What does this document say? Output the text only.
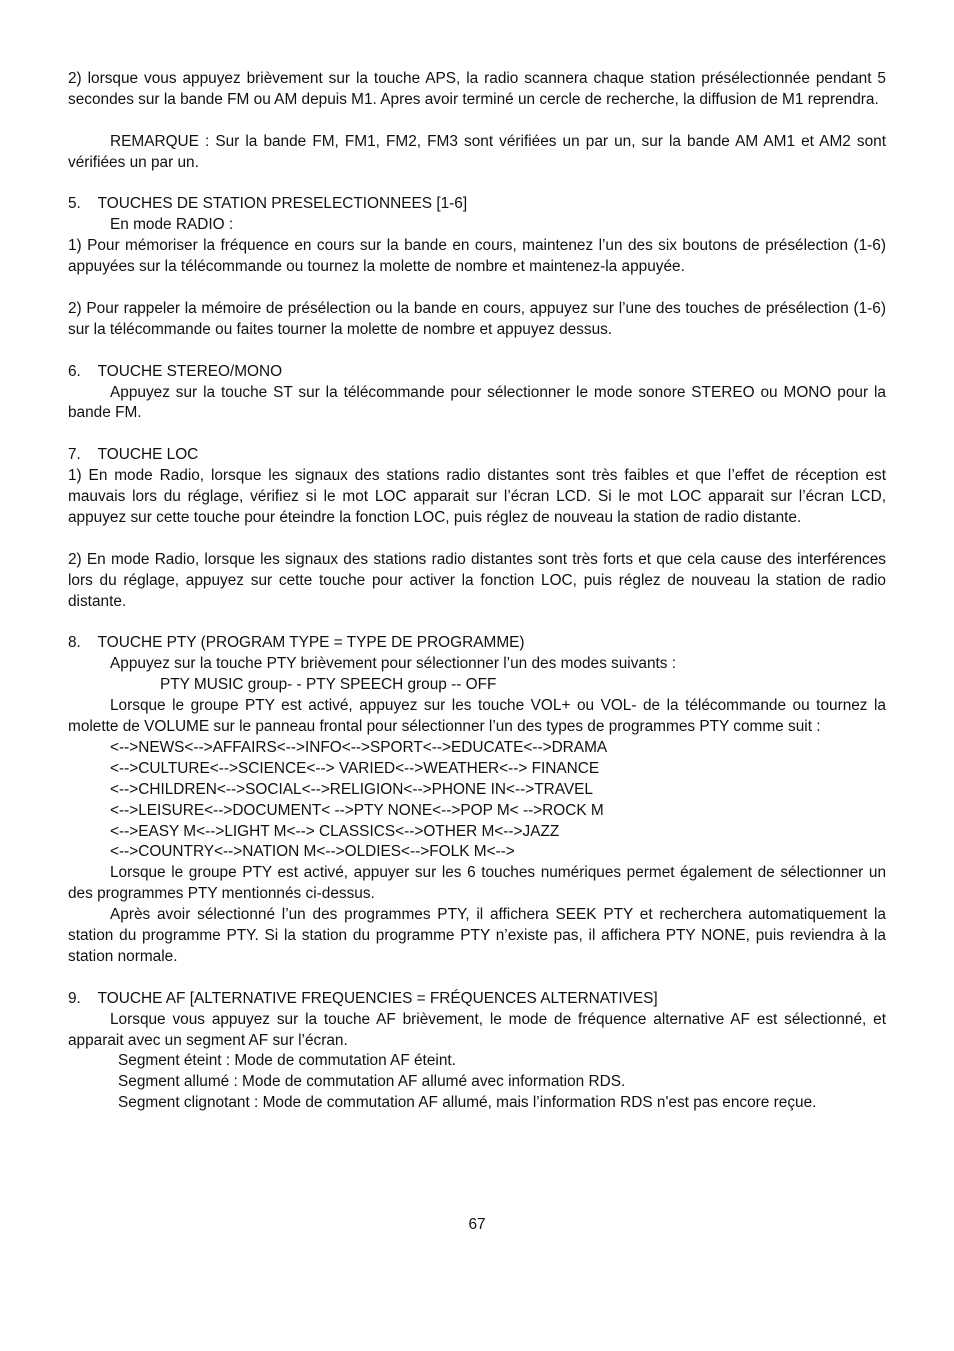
2) lorsque vous appuyez brièvement sur la touche APS, la radio scannera chaque station présélectionnée pendant 5 secondes sur la bande FM ou AM depuis M1. Apres avoir terminé un cercle de recherche, la diffusion de M1 reprendra.

REMARQUE : Sur la bande FM, FM1, FM2, FM3 sont vérifiées un par un, sur la bande AM AM1 et AM2 sont vérifiées un par un.

5.    TOUCHES DE STATION PRESELECTIONNEES [1-6]

En mode RADIO :

1) Pour mémoriser la fréquence en cours sur la bande en cours, maintenez l’un des six boutons de présélection (1-6) appuyées sur la télécommande ou tournez la molette de nombre et maintenez-la appuyée.

2) Pour rappeler la mémoire de présélection ou la bande en cours, appuyez sur l’une des touches de présélection (1-6) sur la télécommande ou faites tourner la molette de nombre et appuyez dessus.

6.    TOUCHE STEREO/MONO

Appuyez sur la touche ST sur la télécommande pour sélectionner le mode sonore STEREO ou MONO pour la bande FM.

7.    TOUCHE LOC

1) En mode Radio, lorsque les signaux des stations radio distantes sont très faibles et que l’effet de réception est mauvais lors du réglage, vérifiez si le mot LOC apparait sur l’écran LCD. Si le mot LOC apparait sur l’écran LCD, appuyez sur cette touche pour éteindre la fonction LOC, puis réglez de nouveau la station de radio distante.

2) En mode Radio, lorsque les signaux des stations radio distantes sont très forts et que cela cause des interférences lors du réglage, appuyez sur cette touche pour activer la fonction LOC, puis réglez de nouveau la station de radio distante.

8.    TOUCHE PTY (PROGRAM TYPE = TYPE DE PROGRAMME)

Appuyez sur la touche PTY brièvement pour sélectionner l’un des modes suivants :

PTY MUSIC group- - PTY SPEECH group -- OFF

Lorsque le groupe PTY est activé, appuyez sur les touche VOL+ ou VOL- de la télécommande ou tournez la molette de VOLUME sur le panneau frontal pour sélectionner l’un des types de programmes PTY comme suit :

<-->NEWS<-->AFFAIRS<-->INFO<-->SPORT<-->EDUCATE<-->DRAMA

<-->CULTURE<-->SCIENCE<--> VARIED<-->WEATHER<--> FINANCE

<-->CHILDREN<-->SOCIAL<-->RELIGION<-->PHONE IN<-->TRAVEL

<-->LEISURE<-->DOCUMENT< -->PTY NONE<-->POP M< -->ROCK M

<-->EASY M<-->LIGHT M<--> CLASSICS<-->OTHER M<-->JAZZ

<-->COUNTRY<-->NATION M<-->OLDIES<-->FOLK M<-->

Lorsque le groupe PTY est activé, appuyer sur les 6 touches numériques permet également de sélectionner un des programmes PTY mentionnés ci-dessus.

Après avoir sélectionné l’un des programmes PTY, il affichera SEEK PTY et recherchera automatiquement la station du programme PTY. Si la station du programme PTY n’existe pas, il affichera PTY NONE, puis reviendra à la station normale.

9.    TOUCHE AF [ALTERNATIVE FREQUENCIES = FRÉQUENCES ALTERNATIVES]

Lorsque vous appuyez sur la touche AF brièvement, le mode de fréquence alternative AF est sélectionné, et apparait avec un segment AF sur l’écran.

Segment éteint : Mode de commutation AF éteint.

Segment allumé : Mode de commutation AF allumé avec information RDS.

Segment clignotant : Mode de commutation AF allumé, mais l’information RDS n'est pas encore reçue.

67
